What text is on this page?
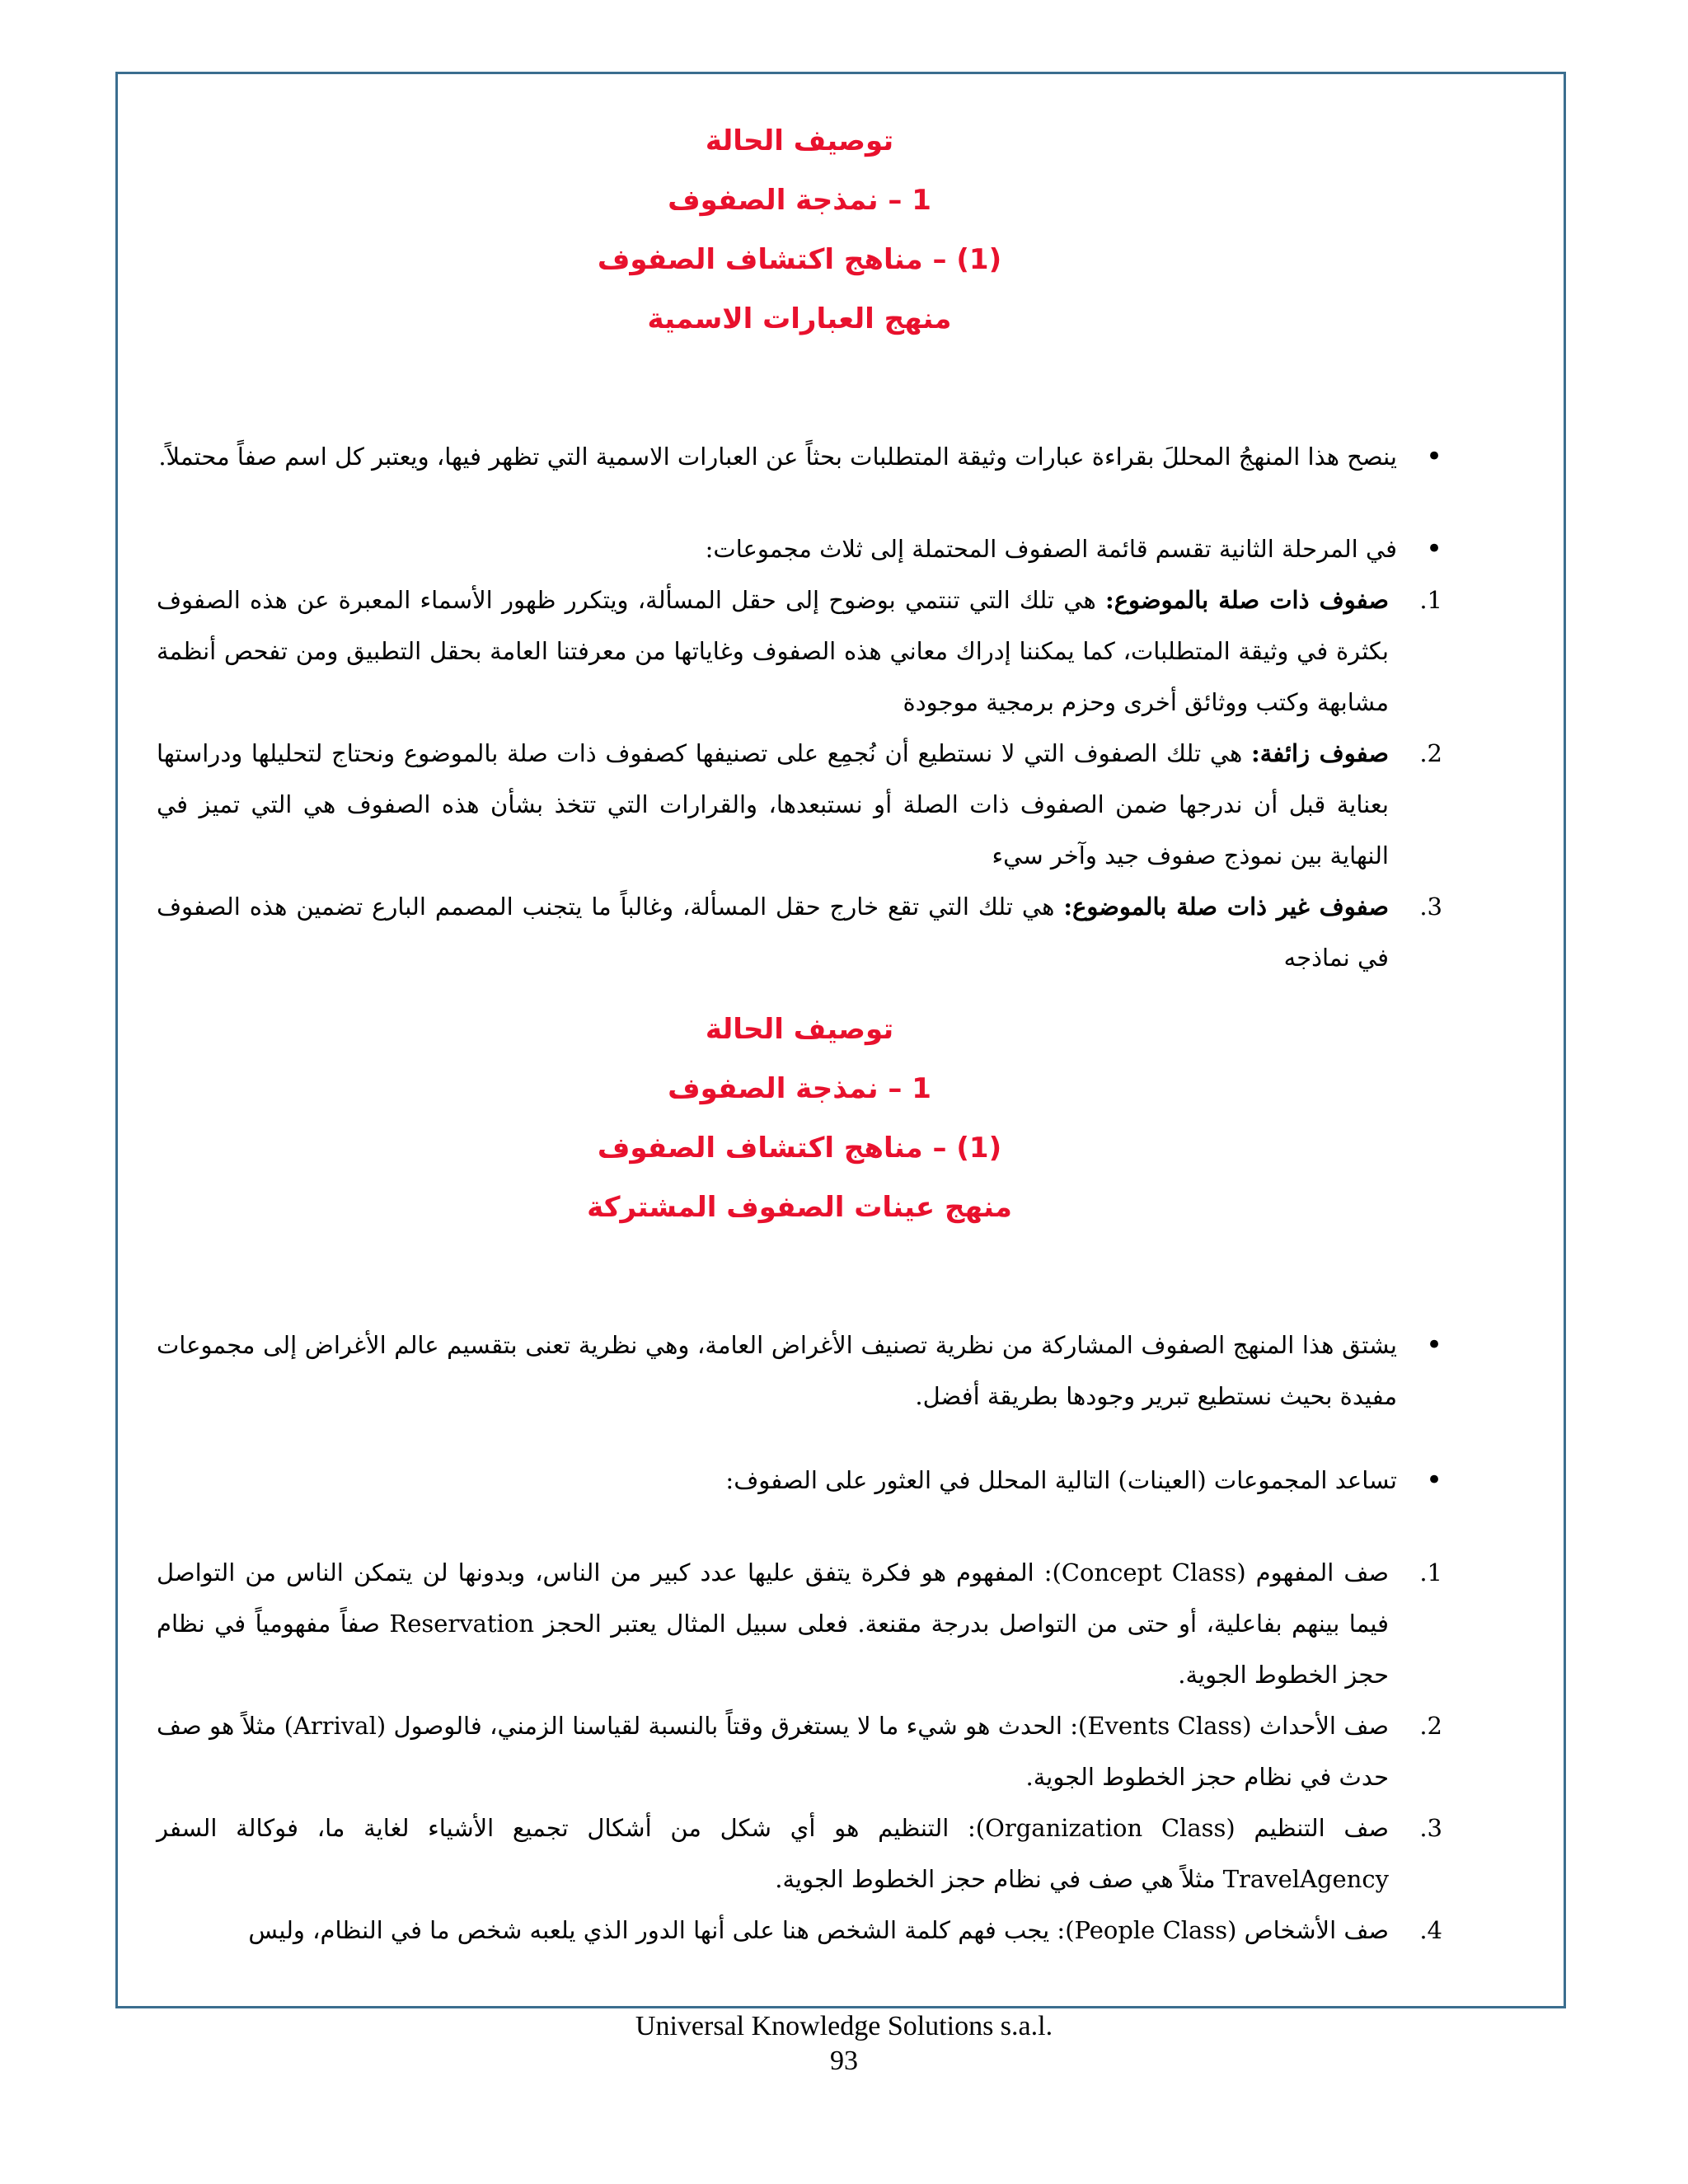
توصيف الحالة

1 – نمذجة الصفوف

(1) – مناهج اكتشاف الصفوف

منهج العبارات الاسمية

•
ينصح هذا المنهجُ المحللَ بقراءة عبارات وثيقة المتطلبات بحثاً عن العبارات الاسمية التي تظهر فيها، ويعتبر كل اسم صفاً محتملاً.
•
في المرحلة الثانية تقسم قائمة الصفوف المحتملة إلى ثلاث مجموعات:
1.
صفوف ذات صلة بالموضوع: هي تلك التي تنتمي بوضوح إلى حقل المسألة، ويتكرر ظهور الأسماء المعبرة عن هذه الصفوف بكثرة في وثيقة المتطلبات، كما يمكننا إدراك معاني هذه الصفوف وغاياتها من معرفتنا العامة بحقل التطبيق ومن تفحص أنظمة مشابهة وكتب ووثائق أخرى وحزم برمجية موجودة
2.
صفوف زائفة: هي تلك الصفوف التي لا نستطيع أن نُجمِع على تصنيفها كصفوف ذات صلة بالموضوع ونحتاج لتحليلها ودراستها بعناية قبل أن ندرجها ضمن الصفوف ذات الصلة أو نستبعدها، والقرارات التي تتخذ بشأن هذه الصفوف هي التي تميز في النهاية بين نموذج صفوف جيد وآخر سيء
3.
صفوف غير ذات صلة بالموضوع: هي تلك التي تقع خارج حقل المسألة، وغالباً ما يتجنب المصمم البارع تضمين هذه الصفوف في نماذجه

توصيف الحالة

1 – نمذجة الصفوف

(1) – مناهج اكتشاف الصفوف

منهج عينات الصفوف المشتركة

•
يشتق هذا المنهج الصفوف المشاركة من نظرية تصنيف الأغراض العامة، وهي نظرية تعنى بتقسيم عالم الأغراض إلى مجموعات مفيدة بحيث نستطيع تبرير وجودها بطريقة أفضل.
•
تساعد المجموعات (العينات) التالية المحلل في العثور على الصفوف:
1.
صف المفهوم (Concept Class): المفهوم هو فكرة يتفق عليها عدد كبير من الناس، وبدونها لن يتمكن الناس من التواصل فيما بينهم بفاعلية، أو حتى من التواصل بدرجة مقنعة. فعلى سبيل المثال يعتبر الحجز Reservation صفاً مفهومياً في نظام حجز الخطوط الجوية.
2.
صف الأحداث (Events Class): الحدث هو شيء ما لا يستغرق وقتاً بالنسبة لقياسنا الزمني، فالوصول (Arrival) مثلاً هو صف حدث في نظام حجز الخطوط الجوية.
3.
صف التنظيم (Organization Class): التنظيم هو أي شكل من أشكال تجميع الأشياء لغاية ما، فوكالة السفر TravelAgency مثلاً هي صف في نظام حجز الخطوط الجوية.
4.
صف الأشخاص (People Class): يجب فهم كلمة الشخص هنا على أنها الدور الذي يلعبه شخص ما في النظام، وليس
Universal Knowledge Solutions s.a.l.
93
